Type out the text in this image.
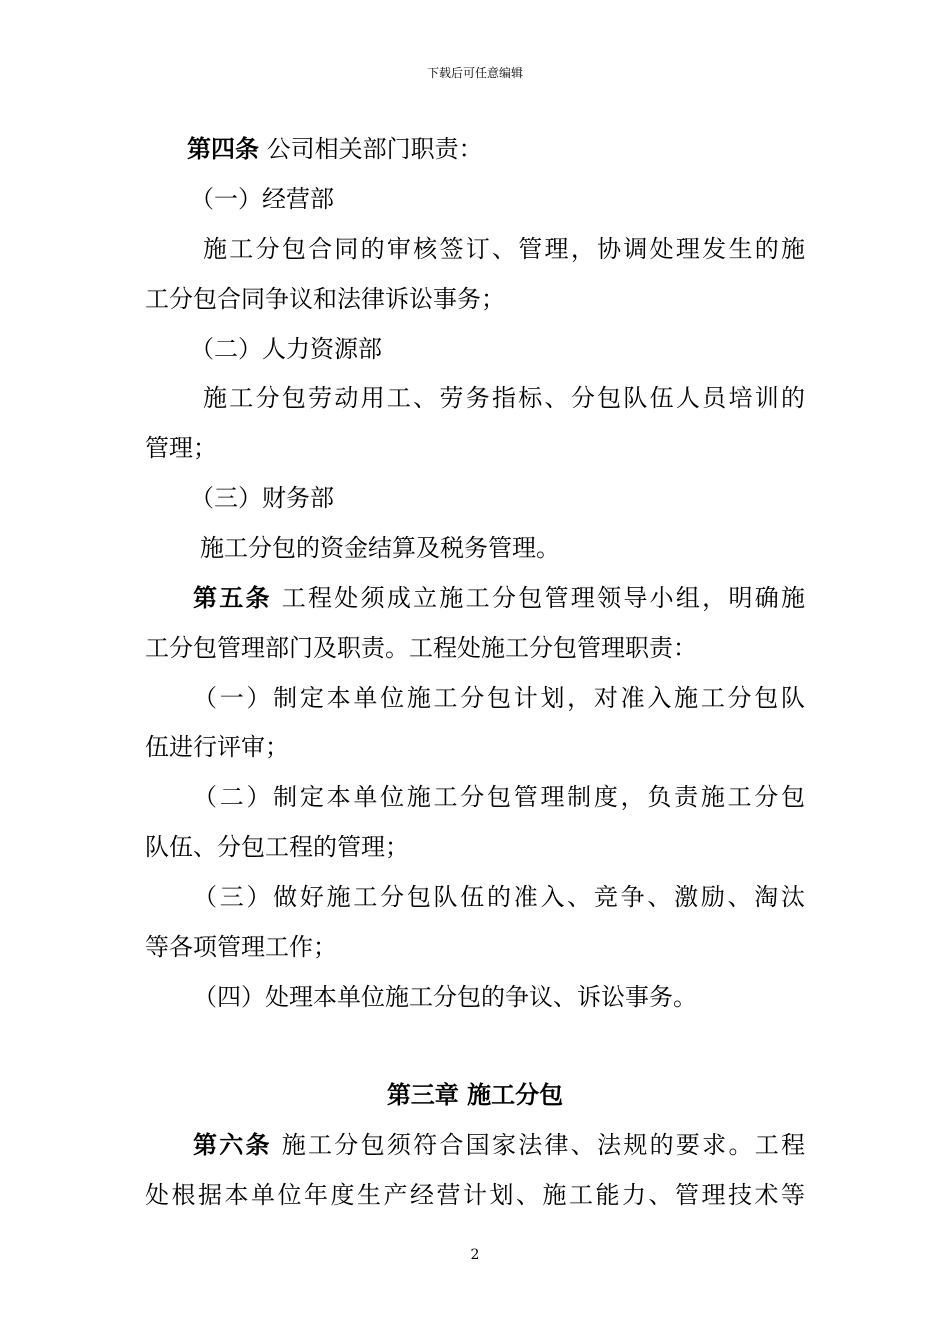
下载后可任意编辑
第四条 公司相关部门职责：
（一）经营部
施工分包合同的审核签订、管理，协调处理发生的施
工分包合同争议和法律诉讼事务；
（二）人力资源部
施工分包劳动用工、劳务指标、分包队伍人员培训的
管理；
（三）财务部
施工分包的资金结算及税务管理。
第五条 工程处须成立施工分包管理领导小组，明确施
工分包管理部门及职责。工程处施工分包管理职责：
（一）制定本单位施工分包计划，对准入施工分包队
伍进行评审；
（二）制定本单位施工分包管理制度，负责施工分包
队伍、分包工程的管理；
（三）做好施工分包队伍的准入、竞争、激励、淘汰
等各项管理工作；
（四）处理本单位施工分包的争议、诉讼事务。
第三章 施工分包
第六条 施工分包须符合国家法律、法规的要求。工程
处根据本单位年度生产经营计划、施工能力、管理技术等
2
